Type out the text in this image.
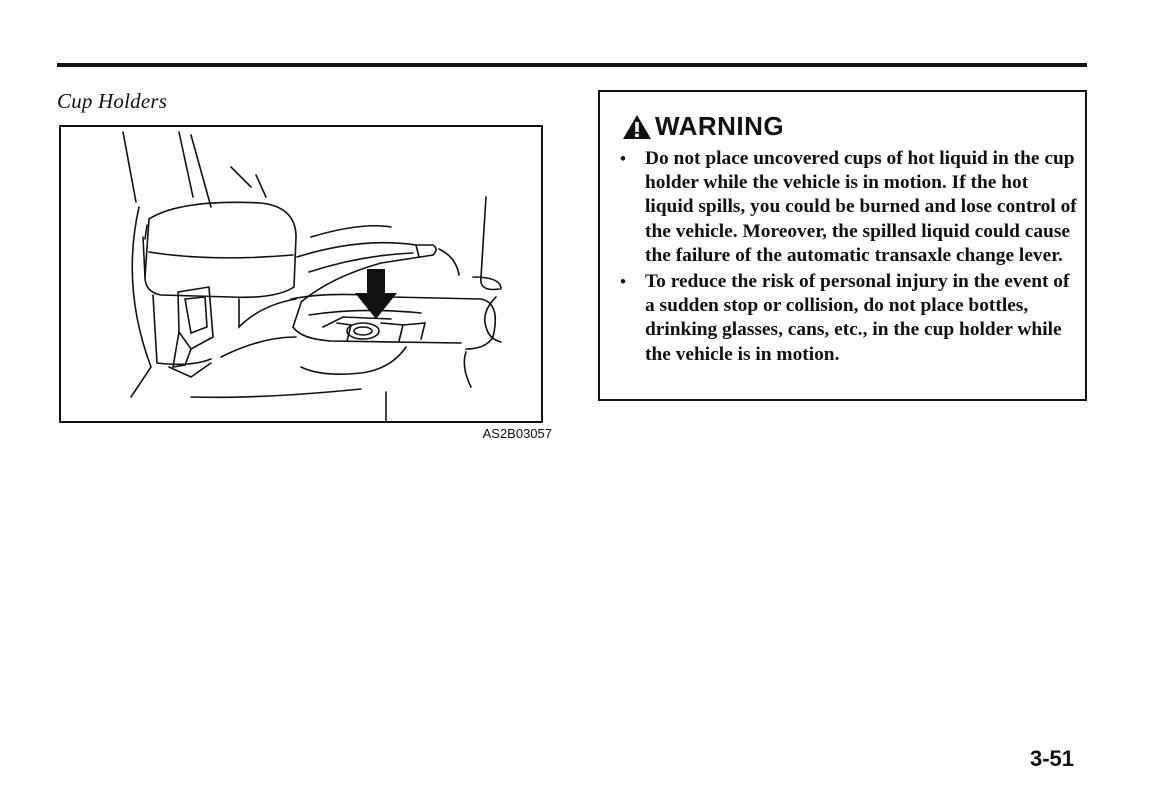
Cup Holders
AS2B03057
WARNING
• Do not place uncovered cups of hot liquid in the cup holder while the vehicle is in motion. If the hot liquid spills, you could be burned and lose control of the vehicle. Moreover, the spilled liquid could cause the failure of the automatic transaxle change lever.
• To reduce the risk of personal injury in the event of a sudden stop or collision, do not place bottles, drinking glasses, cans, etc., in the cup holder while the vehicle is in motion.
3-51
